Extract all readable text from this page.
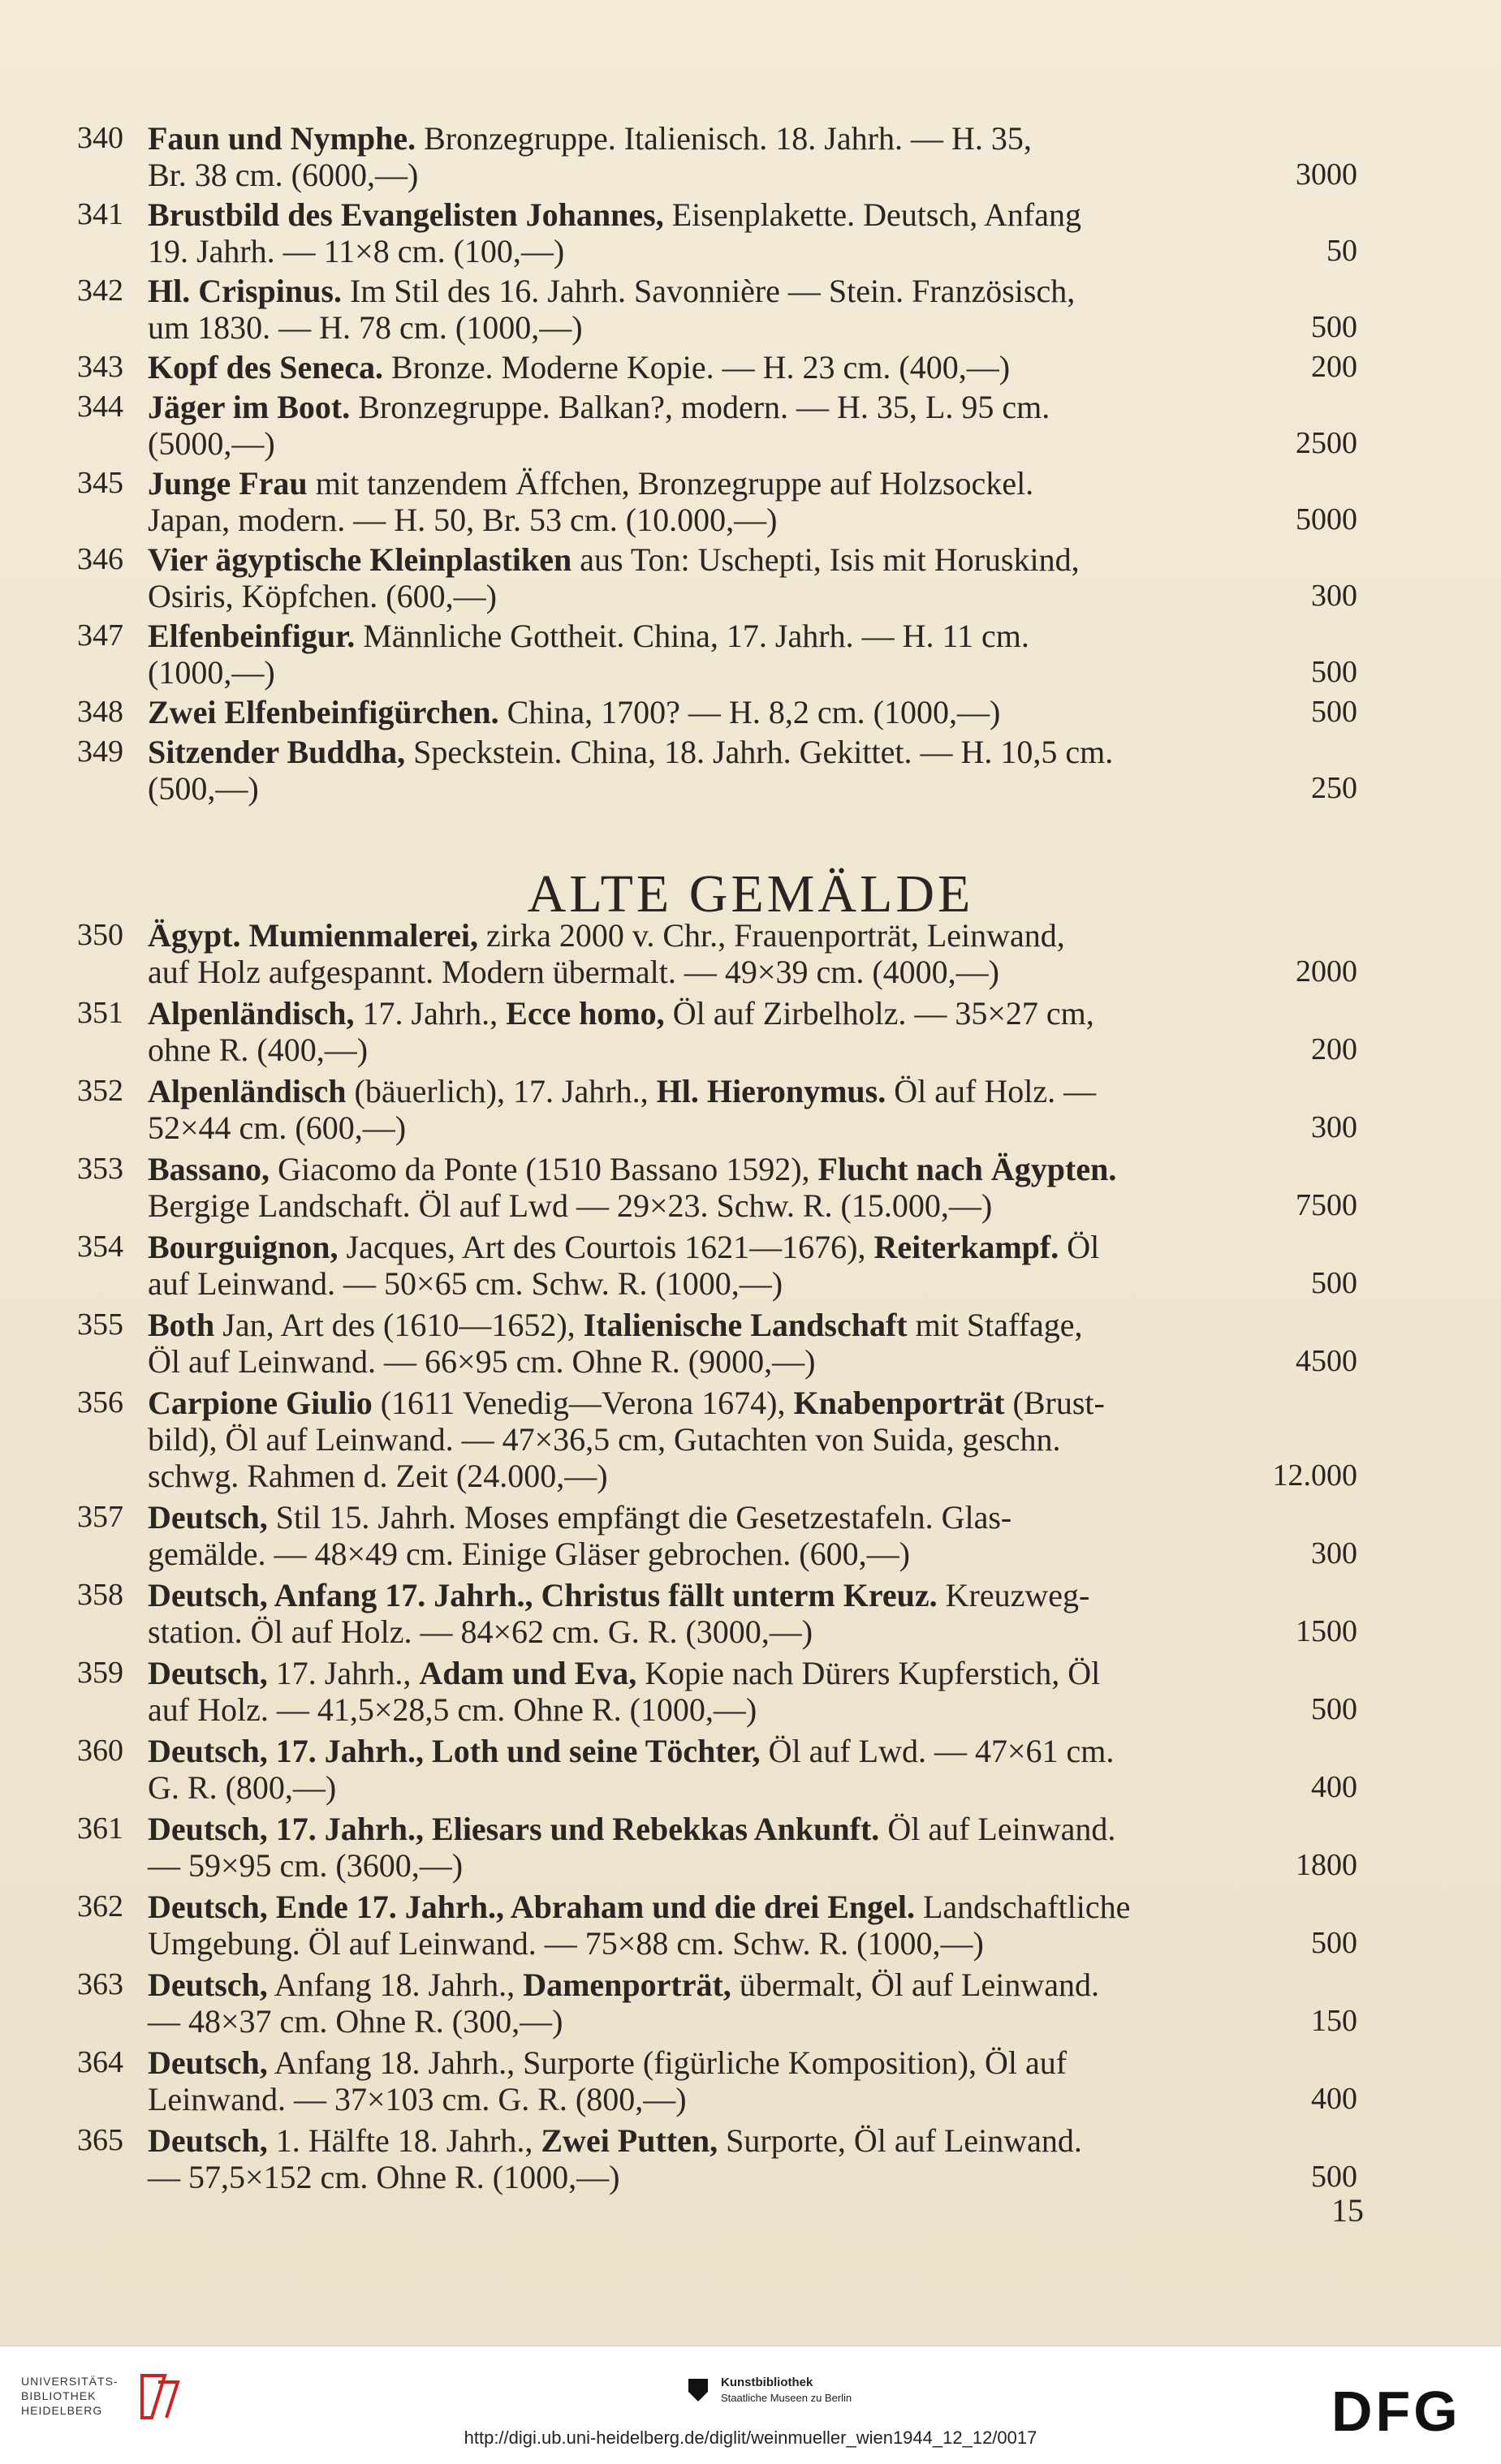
340 Faun und Nymphe. Bronzegruppe. Italienisch. 18. Jahrh. — H. 35,
Br. 38 cm. (6000,—)	3000
341 Brustbild des Evangelisten Johannes, Eisenplakette. Deutsch, Anfang
19. Jahrh. — 11×8 cm. (100,—)	50
342 Hl. Crispinus. Im Stil des 16. Jahrh. Savonnière — Stein. Französisch,
um 1830. — H. 78 cm. (1000,—)	500
343 Kopf des Seneca. Bronze. Moderne Kopie. — H. 23 cm. (400,—)	200
344 Jäger im Boot. Bronzegruppe. Balkan?, modern. — H. 35, L. 95 cm.
(5000,—)	2500
345 Junge Frau mit tanzendem Äffchen, Bronzegruppe auf Holzsockel.
Japan, modern. — H. 50, Br. 53 cm. (10.000,—)	5000
346 Vier ägyptische Kleinplastiken aus Ton: Uschepti, Isis mit Horuskind,
Osiris, Köpfchen. (600,—)	300
347 Elfenbeinfigur. Männliche Gottheit. China, 17. Jahrh. — H. 11 cm.
(1000,—)	500
348 Zwei Elfenbeinfigürchen. China, 1700? — H. 8,2 cm. (1000,—)	500
349 Sitzender Buddha, Speckstein. China, 18. Jahrh. Gekittet. — H. 10,5 cm.
(500,—)	250
ALTE GEMÄLDE
350 Ägypt. Mumienmalerei, zirka 2000 v. Chr., Frauenporträt, Leinwand,
auf Holz aufgespannt. Modern übermalt. — 49×39 cm. (4000,—)	2000
351 Alpenländisch, 17. Jahrh., Ecce homo, Öl auf Zirbelholz. — 35×27 cm,
ohne R. (400,—)	200
352 Alpenländisch (bäuerlich), 17. Jahrh., Hl. Hieronymus. Öl auf Holz. —
52×44 cm. (600,—)	300
353 Bassano, Giacomo da Ponte (1510 Bassano 1592), Flucht nach Ägypten.
Bergige Landschaft. Öl auf Lwd — 29×23. Schw. R. (15.000,—)	7500
354 Bourguignon, Jacques, Art des Courtois 1621—1676), Reiterkampf. Öl
auf Leinwand. — 50×65 cm. Schw. R. (1000,—)	500
355 Both Jan, Art des (1610—1652), Italienische Landschaft mit Staffage,
Öl auf Leinwand. — 66×95 cm. Ohne R. (9000,—)	4500
356 Carpione Giulio (1611 Venedig—Verona 1674), Knabenporträt (Brust-
bild), Öl auf Leinwand. — 47×36,5 cm, Gutachten von Suida, geschn.
schwg. Rahmen d. Zeit (24.000,—)	12.000
357 Deutsch, Stil 15. Jahrh. Moses empfängt die Gesetzestafeln. Glas-
gemälde. — 48×49 cm. Einige Gläser gebrochen. (600,—)	300
358 Deutsch, Anfang 17. Jahrh., Christus fällt unterm Kreuz. Kreuzweg-
station. Öl auf Holz. — 84×62 cm. G. R. (3000,—)	1500
359 Deutsch, 17. Jahrh., Adam und Eva, Kopie nach Dürers Kupferstich, Öl
auf Holz. — 41,5×28,5 cm. Ohne R. (1000,—)	500
360 Deutsch, 17. Jahrh., Loth und seine Töchter, Öl auf Lwd. — 47×61 cm.
G. R. (800,—)	400
361 Deutsch, 17. Jahrh., Eliesars und Rebekkas Ankunft. Öl auf Leinwand.
— 59×95 cm. (3600,—)	1800
362 Deutsch, Ende 17. Jahrh., Abraham und die drei Engel. Landschaftliche
Umgebung. Öl auf Leinwand. — 75×88 cm. Schw. R. (1000,—)	500
363 Deutsch, Anfang 18. Jahrh., Damenporträt, übermalt, Öl auf Leinwand.
— 48×37 cm. Ohne R. (300,—)	150
364 Deutsch, Anfang 18. Jahrh., Surporte (figürliche Komposition), Öl auf
Leinwand. — 37×103 cm. G. R. (800,—)	400
365 Deutsch, 1. Hälfte 18. Jahrh., Zwei Putten, Surporte, Öl auf Leinwand.
— 57,5×152 cm. Ohne R. (1000,—)	500
15
UNIVERSITÄTS-
BIBLIOTHEK
HEIDELBERG
Kunstbibliothek
Staatliche Museen zu Berlin	DFG
http://digi.ub.uni-heidelberg.de/diglit/weinmueller_wien1944_12_12/0017
